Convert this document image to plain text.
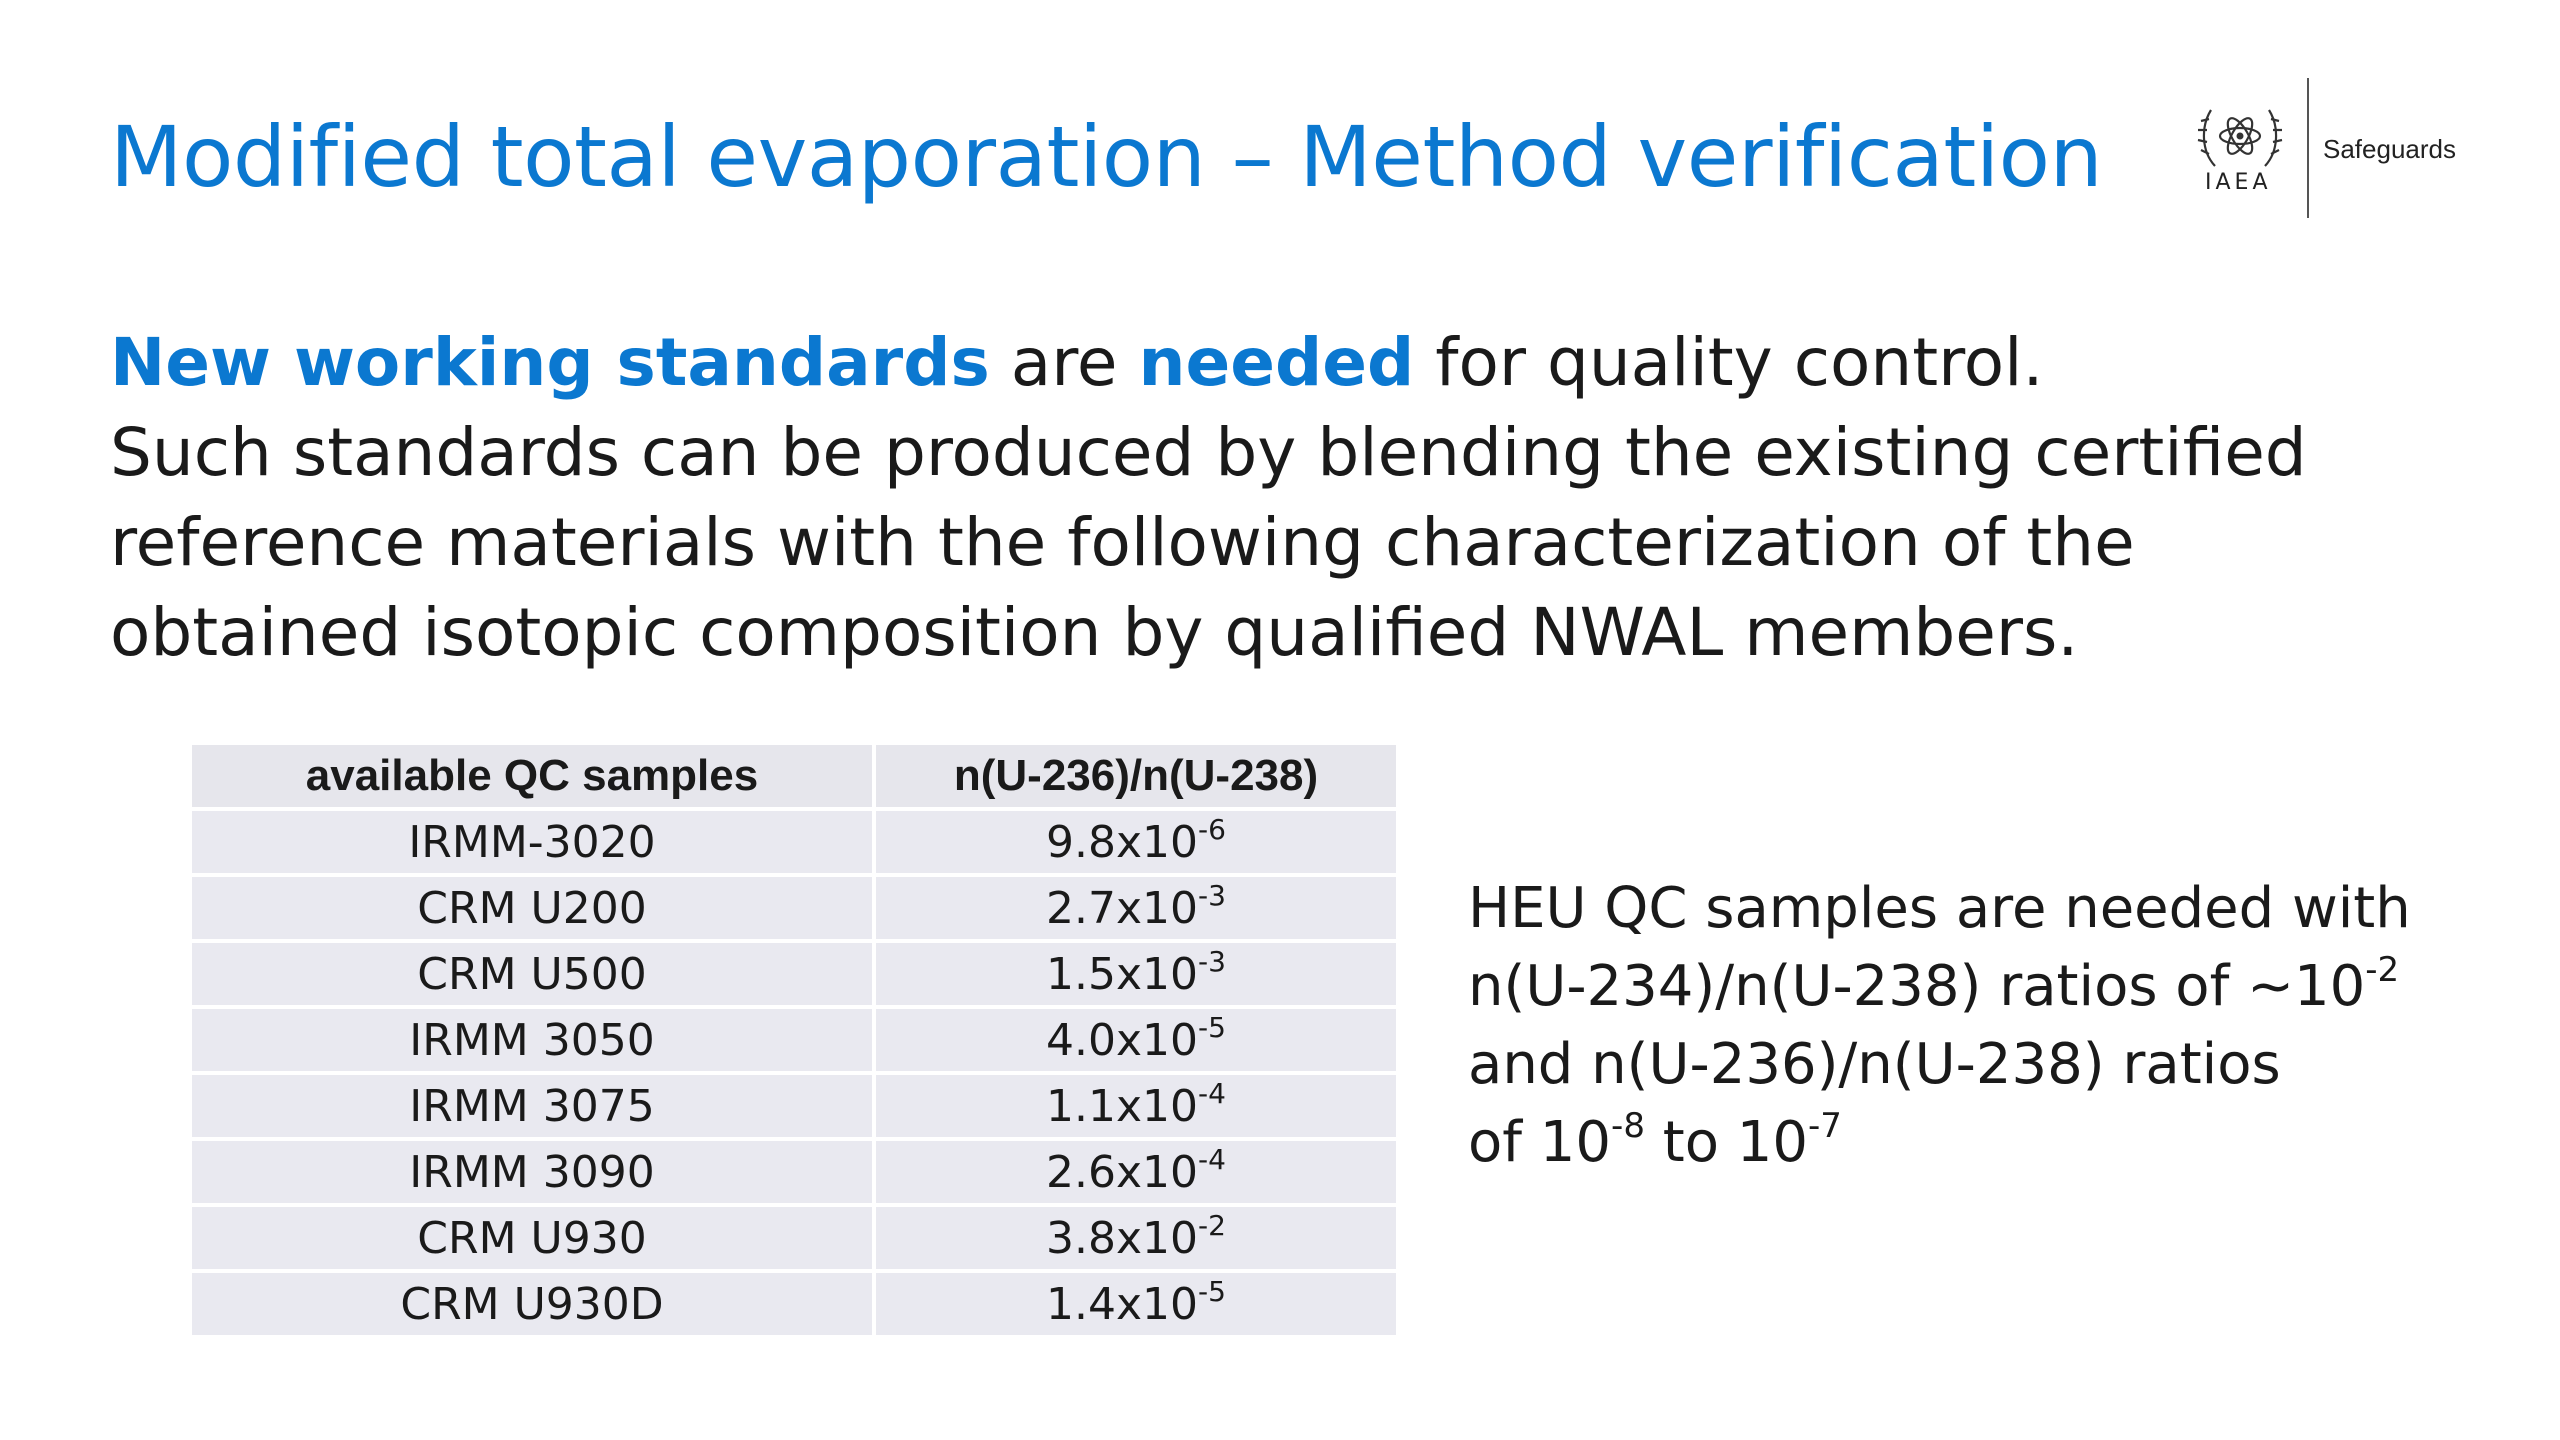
Modified total evaporation – Method verification	IAEA
Safeguards

New working standards are needed for quality control.

Such standards can be produced by blending the existing certified

reference materials with the following characterization of the

obtained isotopic composition by qualified NWAL members.

available QC samples	n(U-236)/n(U-238)
IRMM-3020	$9.8x10^{-6}$
CRM U200	$2.7x10^{-3}$
CRM U500	$1.5x10^{-3}$
IRMM 3050	$4.0x10^{-5}$
IRMM 3075	$1.1x10^{-4}$
IRMM 3090	$2.6x10^{-4}$
CRM U930	$3.8x10^{-2}$
CRM U930D	$1.4x10^{-5}$

HEU QC samples are needed with

n(U-234)/n(U-238) ratios of $\sim 10^{-2}$

and n(U-236)/n(U-238) ratios

of $10^{-8}$ to $10^{-7}$
